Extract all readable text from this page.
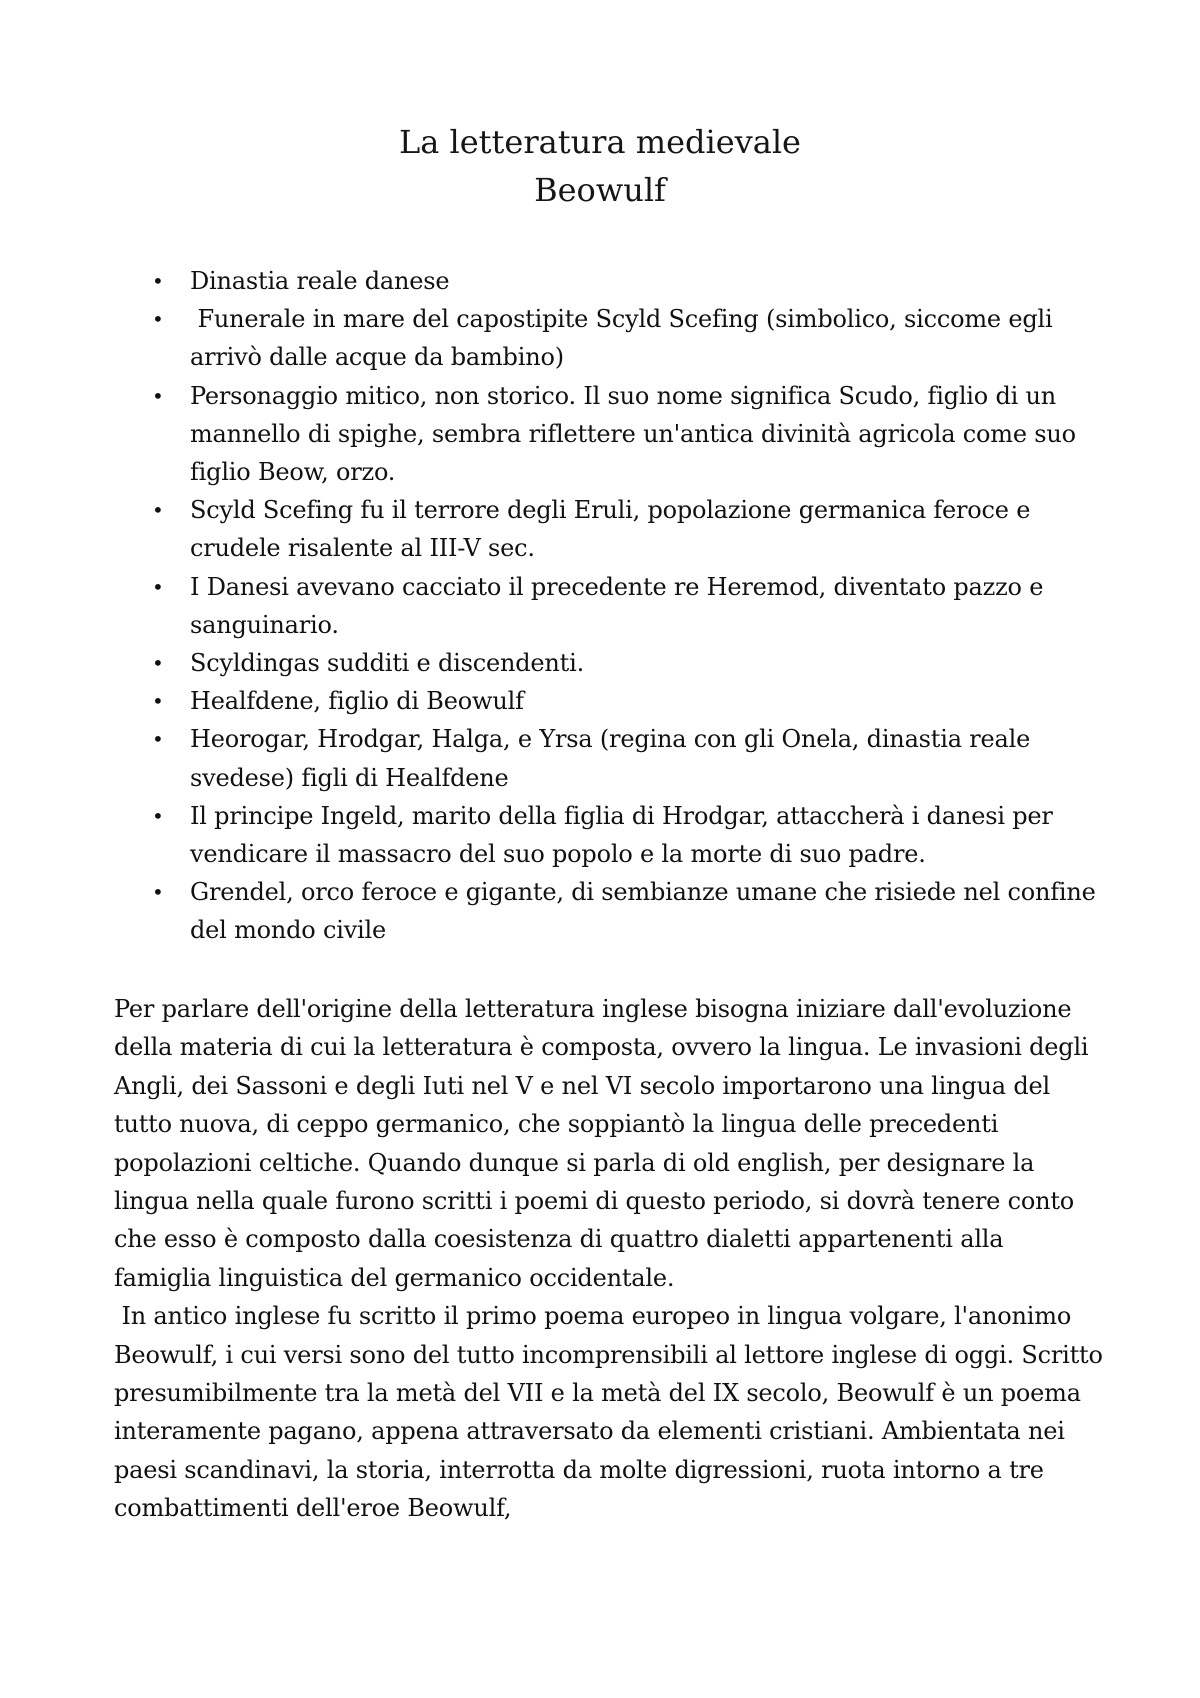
La letteratura medievale
Beowulf
• Dinastia reale danese
• Funerale in mare del capostipite Scyld Scefing (simbolico, siccome egli arrivò dalle acque da bambino)
• Personaggio mitico, non storico. Il suo nome significa Scudo, figlio di un mannello di spighe, sembra riflettere un'antica divinità agricola come suo figlio Beow, orzo.
• Scyld Scefing fu il terrore degli Eruli, popolazione germanica feroce e crudele risalente al III-V sec.
• I Danesi avevano cacciato il precedente re Heremod, diventato pazzo e sanguinario.
• Scyldingas sudditi e discendenti.
• Healfdene, figlio di Beowulf
• Heorogar, Hrodgar, Halga, e Yrsa (regina con gli Onela, dinastia reale svedese) figli di Healfdene
• Il principe Ingeld, marito della figlia di Hrodgar, attaccherà i danesi per vendicare il massacro del suo popolo e la morte di suo padre.
• Grendel, orco feroce e gigante, di sembianze umane che risiede nel confine del mondo civile

Per parlare dell'origine della letteratura inglese bisogna iniziare dall'evoluzione della materia di cui la letteratura è composta, ovvero la lingua. Le invasioni degli Angli, dei Sassoni e degli Iuti nel V e nel VI secolo importarono una lingua del tutto nuova, di ceppo germanico, che soppiantò la lingua delle precedenti popolazioni celtiche. Quando dunque si parla di old english, per designare la lingua nella quale furono scritti i poemi di questo periodo, si dovrà tenere conto che esso è composto dalla coesistenza di quattro dialetti appartenenti alla famiglia linguistica del germanico occidentale.

In antico inglese fu scritto il primo poema europeo in lingua volgare, l'anonimo Beowulf, i cui versi sono del tutto incomprensibili al lettore inglese di oggi. Scritto presumibilmente tra la metà del VII e la metà del IX secolo, Beowulf è un poema interamente pagano, appena attraversato da elementi cristiani. Ambientata nei paesi scandinavi, la storia, interrotta da molte digressioni, ruota intorno a tre combattimenti dell'eroe Beowulf,
